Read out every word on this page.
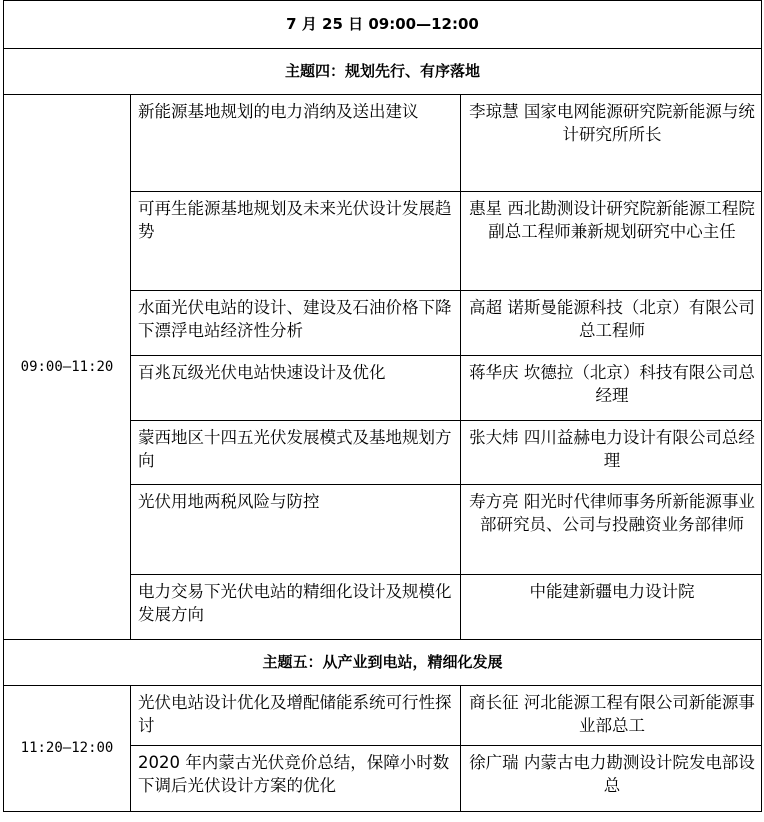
7 月 25 日 09:00—12:00		
主题四：规划先行、有序落地		
09:00—11:20	新能源基地规划的电力消纳及送出建议	李琼慧 国家电网能源研究院新能源与统计研究所所长
	可再生能源基地规划及未来光伏设计发展趋势	惠星 西北勘测设计研究院新能源工程院副总工程师兼新规划研究中心主任
	水面光伏电站的设计、建设及石油价格下降下漂浮电站经济性分析	高超 诺斯曼能源科技（北京）有限公司总工程师
	百兆瓦级光伏电站快速设计及优化	蒋华庆 坎德拉（北京）科技有限公司总经理
	蒙西地区十四五光伏发展模式及基地规划方向	张大炜 四川益赫电力设计有限公司总经理
	光伏用地两税风险与防控	寿方亮 阳光时代律师事务所新能源事业部研究员、公司与投融资业务部律师
	电力交易下光伏电站的精细化设计及规模化发展方向	中能建新疆电力设计院
主题五：从产业到电站，精细化发展		
11:20—12:00	光伏电站设计优化及增配储能系统可行性探讨	商长征 河北能源工程有限公司新能源事业部总工
	2020 年内蒙古光伏竞价总结，保障小时数下调后光伏设计方案的优化	徐广瑞 内蒙古电力勘测设计院发电部设总
